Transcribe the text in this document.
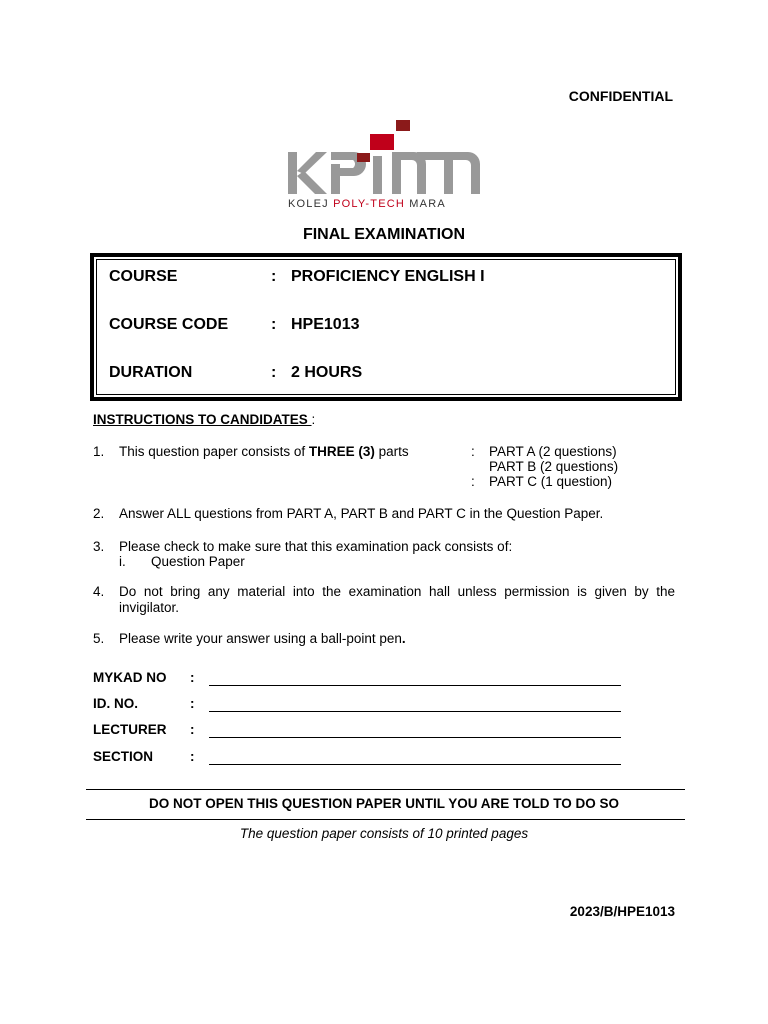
CONFIDENTIAL
KOLEJ POLY-TECH MARA
FINAL EXAMINATION
COURSE	: PROFICIENCY ENGLISH I
COURSE CODE	: HPE1013
DURATION	: 2 HOURS
INSTRUCTIONS TO CANDIDATES :
1. This question paper consists of THREE (3) parts	: PART A (2 questions)
PART B (2 questions)
: PART C (1 question)
2. Answer ALL questions from PART A, PART B and PART C in the Question Paper.
3. Please check to make sure that this examination pack consists of:
i. Question Paper
4. Do not bring any material into the examination hall unless permission is given by the invigilator.
5. Please write your answer using a ball-point pen.
MYKAD NO :
ID. NO.	:
LECTURER :
SECTION	:
DO NOT OPEN THIS QUESTION PAPER UNTIL YOU ARE TOLD TO DO SO
The question paper consists of 10 printed pages
2023/B/HPE1013
